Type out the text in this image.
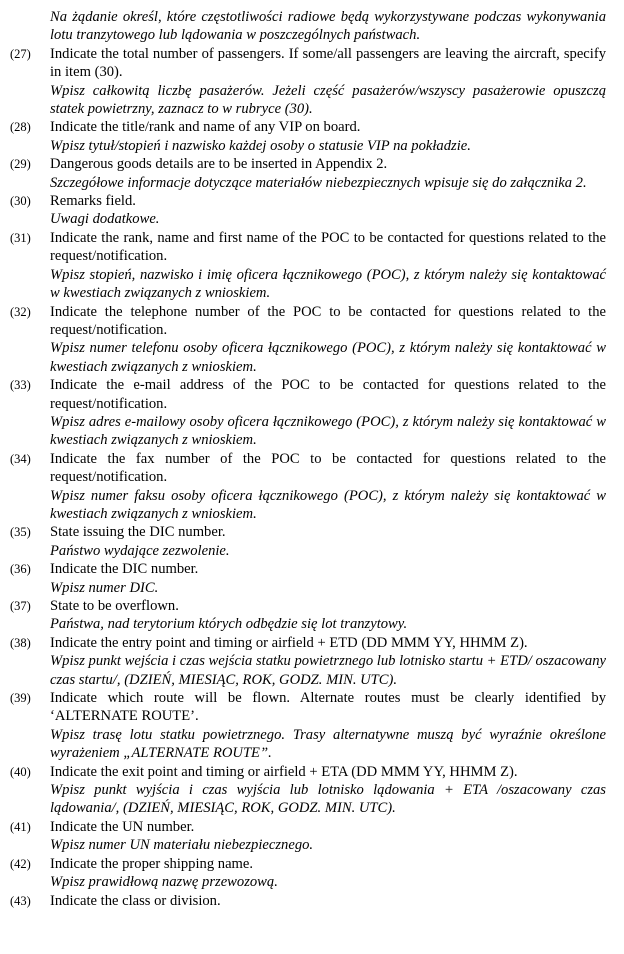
Na żądanie określ, które częstotliwości radiowe będą wykorzystywane podczas wykonywania lotu tranzytowego lub lądowania w poszczególnych państwach.
(27)	Indicate the total number of passengers. If some/all passengers are leaving the aircraft, specify in item (30).
Wpisz całkowitą liczbę pasażerów. Jeżeli część pasażerów/wszyscy pasażerowie opuszczą statek powietrzny, zaznacz to w rubryce (30).
(28)	Indicate the title/rank and name of any VIP on board.
Wpisz tytuł/stopień i nazwisko każdej osoby o statusie VIP na pokładzie.
(29)	Dangerous goods details are to be inserted in Appendix 2.
Szczegółowe informacje dotyczące materiałów niebezpiecznych wpisuje się do załącznika 2.
(30)	Remarks field.
Uwagi dodatkowe.
(31)	Indicate the rank, name and first name of the POC to be contacted for questions related to the request/notification.
Wpisz stopień, nazwisko i imię oficera łącznikowego (POC), z którym należy się kontaktować w kwestiach związanych z wnioskiem.
(32)	Indicate the telephone number of the POC to be contacted for questions related to the request/notification.
Wpisz numer telefonu osoby oficera łącznikowego (POC), z którym należy się kontaktować w kwestiach związanych z wnioskiem.
(33)	Indicate the e-mail address of the POC to be contacted for questions related to the request/notification.
Wpisz adres e-mailowy osoby oficera łącznikowego (POC), z którym należy się kontaktować w kwestiach związanych z wnioskiem.
(34)	Indicate the fax number of the POC to be contacted for questions related to the request/notification.
Wpisz numer faksu osoby oficera łącznikowego (POC), z którym należy się kontaktować w kwestiach związanych z wnioskiem.
(35)	State issuing the DIC number.
Państwo wydające zezwolenie.
(36)	Indicate the DIC number.
Wpisz numer DIC.
(37)	State to be overflown.
Państwa, nad terytorium których odbędzie się lot tranzytowy.
(38)	Indicate the entry point and timing or airfield + ETD (DD MMM YY, HHMM Z).
Wpisz punkt wejścia i czas wejścia statku powietrznego lub lotnisko startu + ETD/ oszacowany czas startu/, (DZIEŃ, MIESIĄC, ROK, GODZ. MIN. UTC).
(39)	Indicate which route will be flown. Alternate routes must be clearly identified by ‘ALTERNATE ROUTE’.
Wpisz trasę lotu statku powietrznego. Trasy alternatywne muszą być wyraźnie określone wyrażeniem „ALTERNATE ROUTE”.
(40)	Indicate the exit point and timing or airfield + ETA (DD MMM YY, HHMM Z).
Wpisz punkt wyjścia i czas wyjścia lub lotnisko lądowania + ETA /oszacowany czas lądowania/, (DZIEŃ, MIESIĄC, ROK, GODZ. MIN. UTC).
(41)	Indicate the UN number.
Wpisz numer UN materiału niebezpiecznego.
(42)	Indicate the proper shipping name.
Wpisz prawidłową nazwę przewozową.
(43)	Indicate the class or division.
